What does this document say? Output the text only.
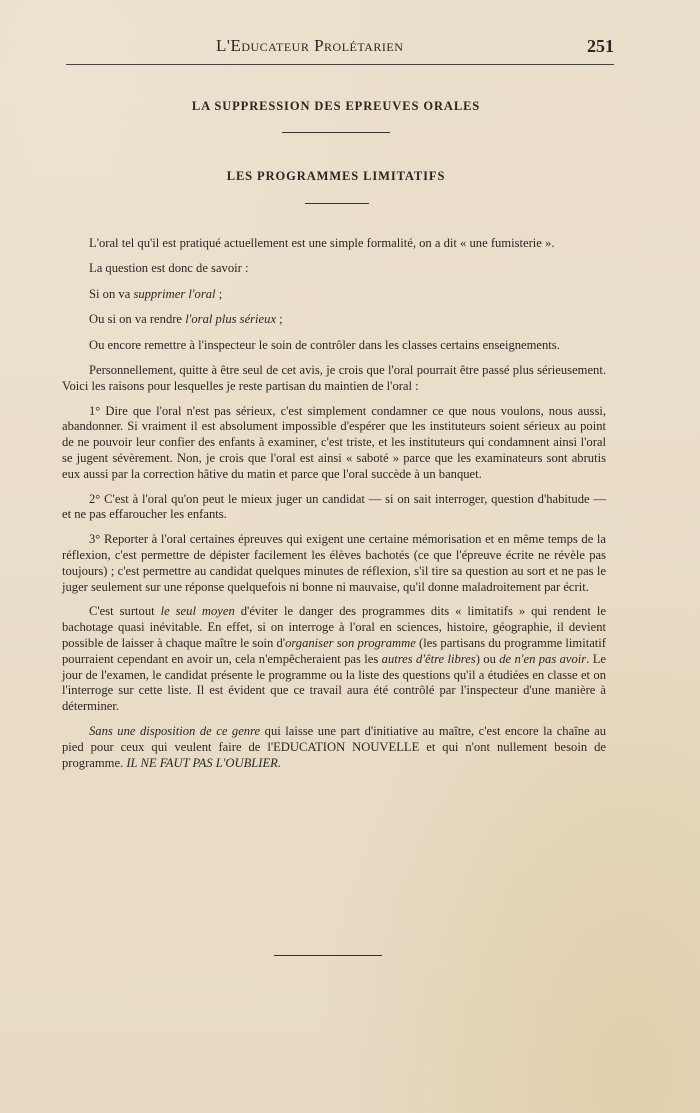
L'Educateur Prolétarien	251
LA SUPPRESSION DES EPREUVES ORALES
LES PROGRAMMES LIMITATIFS

L'oral tel qu'il est pratiqué actuellement est une simple formalité, on a dit « une fumisterie ».

La question est donc de savoir :

Si on va supprimer l'oral ;

Ou si on va rendre l'oral plus sérieux ;

Ou encore remettre à l'inspecteur le soin de contrôler dans les classes certains enseignements.

Personnellement, quitte à être seul de cet avis, je crois que l'oral pourrait être passé plus sérieusement. Voici les raisons pour lesquelles je reste partisan du maintien de l'oral :

1° Dire que l'oral n'est pas sérieux, c'est simplement condamner ce que nous voulons, nous aussi, abandonner. Si vraiment il est absolument impossible d'espérer que les instituteurs soient sérieux au point de ne pouvoir leur confier des enfants à examiner, c'est triste, et les instituteurs qui condamnent ainsi l'oral se jugent sévèrement. Non, je crois que l'oral est ainsi « saboté » parce que les examinateurs sont abrutis eux aussi par la correction hâtive du matin et parce que l'oral succède à un banquet.

2° C'est à l'oral qu'on peut le mieux juger un candidat — si on sait interroger, question d'habitude — et ne pas effaroucher les enfants.

3° Reporter à l'oral certaines épreuves qui exigent une certaine mémorisation et en même temps de la réflexion, c'est permettre de dépister facilement les élèves bachotés (ce que l'épreuve écrite ne révèle pas toujours) ; c'est permettre au candidat quelques minutes de réflexion, s'il tire sa question au sort et ne pas le juger seulement sur une réponse quelquefois ni bonne ni mauvaise, qu'il donne maladroitement par écrit.

C'est surtout le seul moyen d'éviter le danger des programmes dits « limitatifs » qui rendent le bachotage quasi inévitable. En effet, si on interroge à l'oral en sciences, histoire, géographie, il devient possible de laisser à chaque maître le soin d'organiser son programme (les partisans du programme limitatif pourraient cependant en avoir un, cela n'empêcheraient pas les autres d'être libres) ou de n'en pas avoir. Le jour de l'examen, le candidat présente le programme ou la liste des questions qu'il a étudiées en classe et on l'interroge sur cette liste. Il est évident que ce travail aura été contrôlé par l'inspecteur d'une manière à déterminer.

Sans une disposition de ce genre qui laisse une part d'initiative au maître, c'est encore la chaîne au pied pour ceux qui veulent faire de l'EDUCATION NOUVELLE et qui n'ont nullement besoin de programme. IL NE FAUT PAS L'OUBLIER.
